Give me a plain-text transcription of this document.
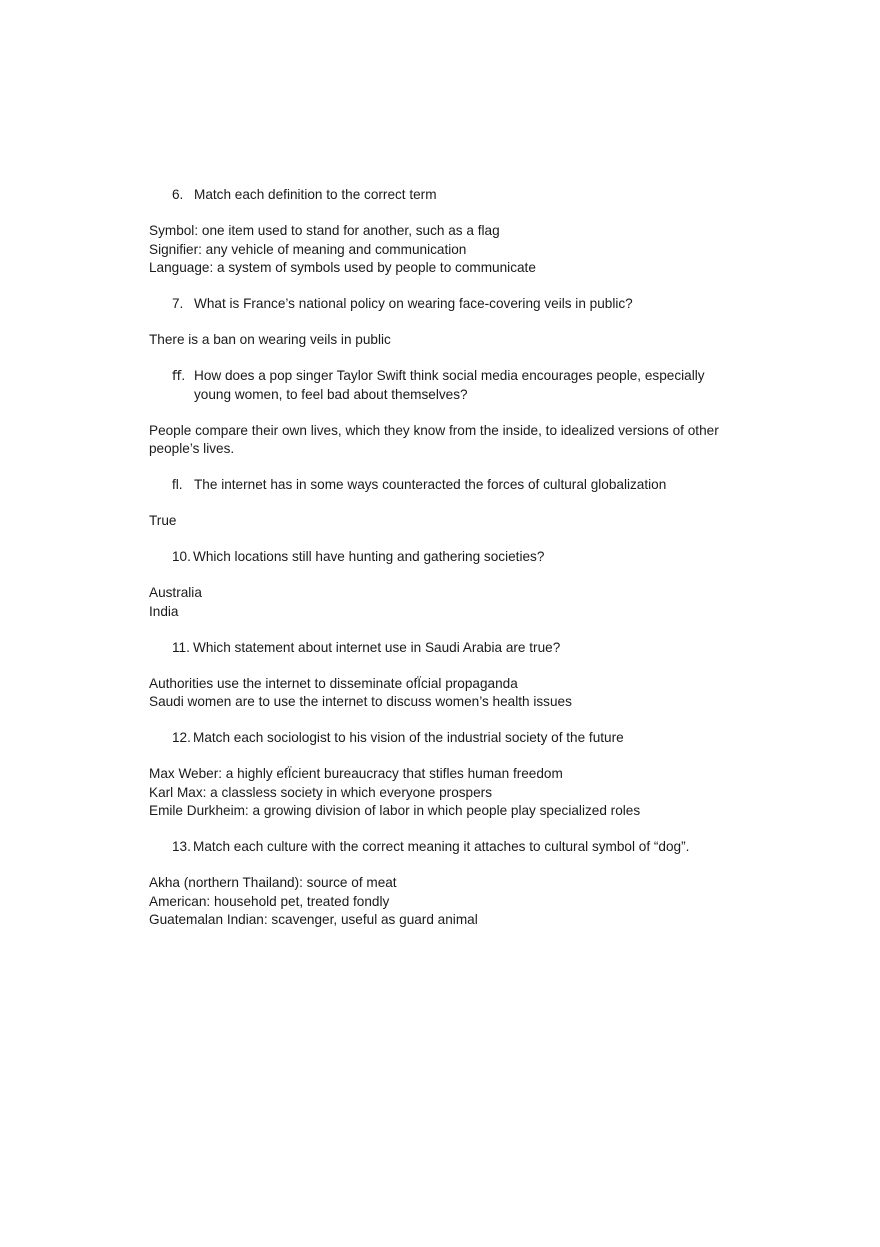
6. Match each definition to the correct term

Symbol: one item used to stand for another, such as a flag

Signifier: any vehicle of meaning and communication

Language: a system of symbols used by people to communicate

7. What is France’s national policy on wearing face-covering veils in public?

There is a ban on wearing veils in public

ﬀ. How does a pop singer Taylor Swift think social media encourages people, especially
young women, to feel bad about themselves?

People compare their own lives, which they know from the inside, to idealized versions of other

people’s lives.

ﬂ. The internet has in some ways counteracted the forces of cultural globalization

True

10. Which locations still have hunting and gathering societies?

Australia

India

11. Which statement about internet use in Saudi Arabia are true?

Authorities use the internet to disseminate ofÏcial propaganda

Saudi women are to use the internet to discuss women’s health issues

12. Match each sociologist to his vision of the industrial society of the future

Max Weber: a highly efÏcient bureaucracy that stifles human freedom

Karl Max: a classless society in which everyone prospers

Emile Durkheim: a growing division of labor in which people play specialized roles

13. Match each culture with the correct meaning it attaches to cultural symbol of “dog”.

Akha (northern Thailand): source of meat

American: household pet, treated fondly

Guatemalan Indian: scavenger, useful as guard animal
